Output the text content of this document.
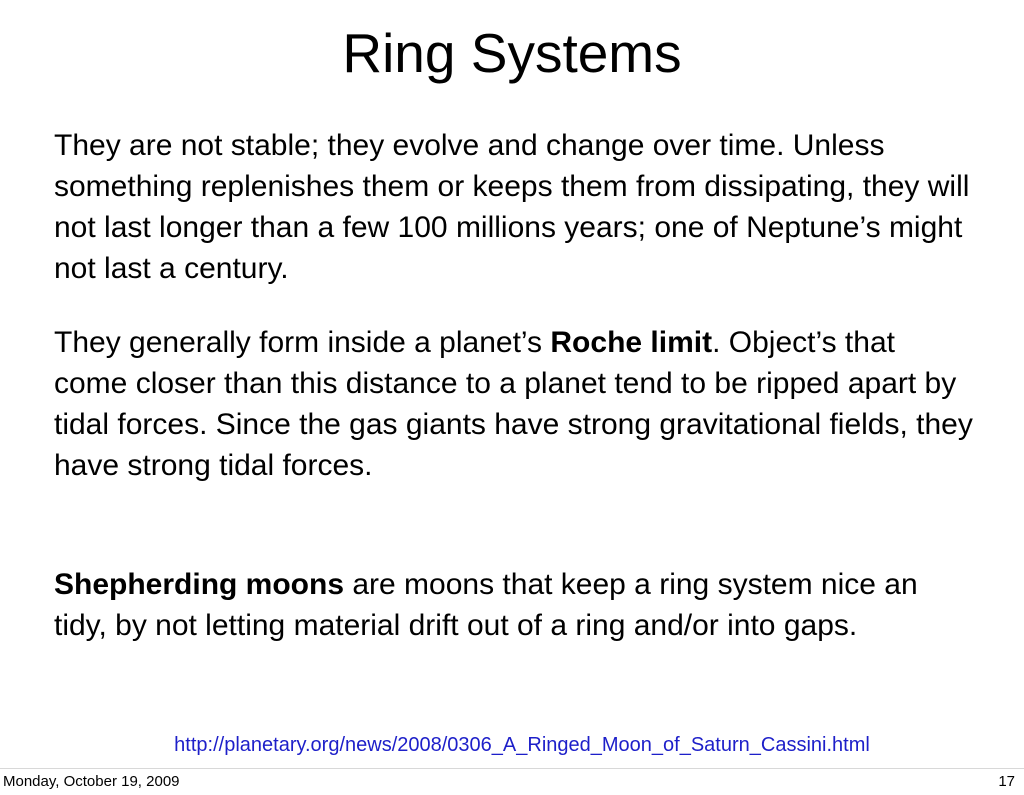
Ring Systems

They are not stable; they evolve and change over time. Unless something replenishes them or keeps them from dissipating, they will not last longer than a few 100 millions years; one of Neptune’s might not last a century.

They generally form inside a planet’s Roche limit. Object’s that come closer than this distance to a planet tend to be ripped apart by tidal forces. Since the gas giants have strong gravitational fields, they have strong tidal forces.

Shepherding moons are moons that keep a ring system nice an tidy, by not letting material drift out of a ring and/or into gaps.

http://planetary.org/news/2008/0306_A_Ringed_Moon_of_Saturn_Cassini.html
Monday, October 19, 2009	17
